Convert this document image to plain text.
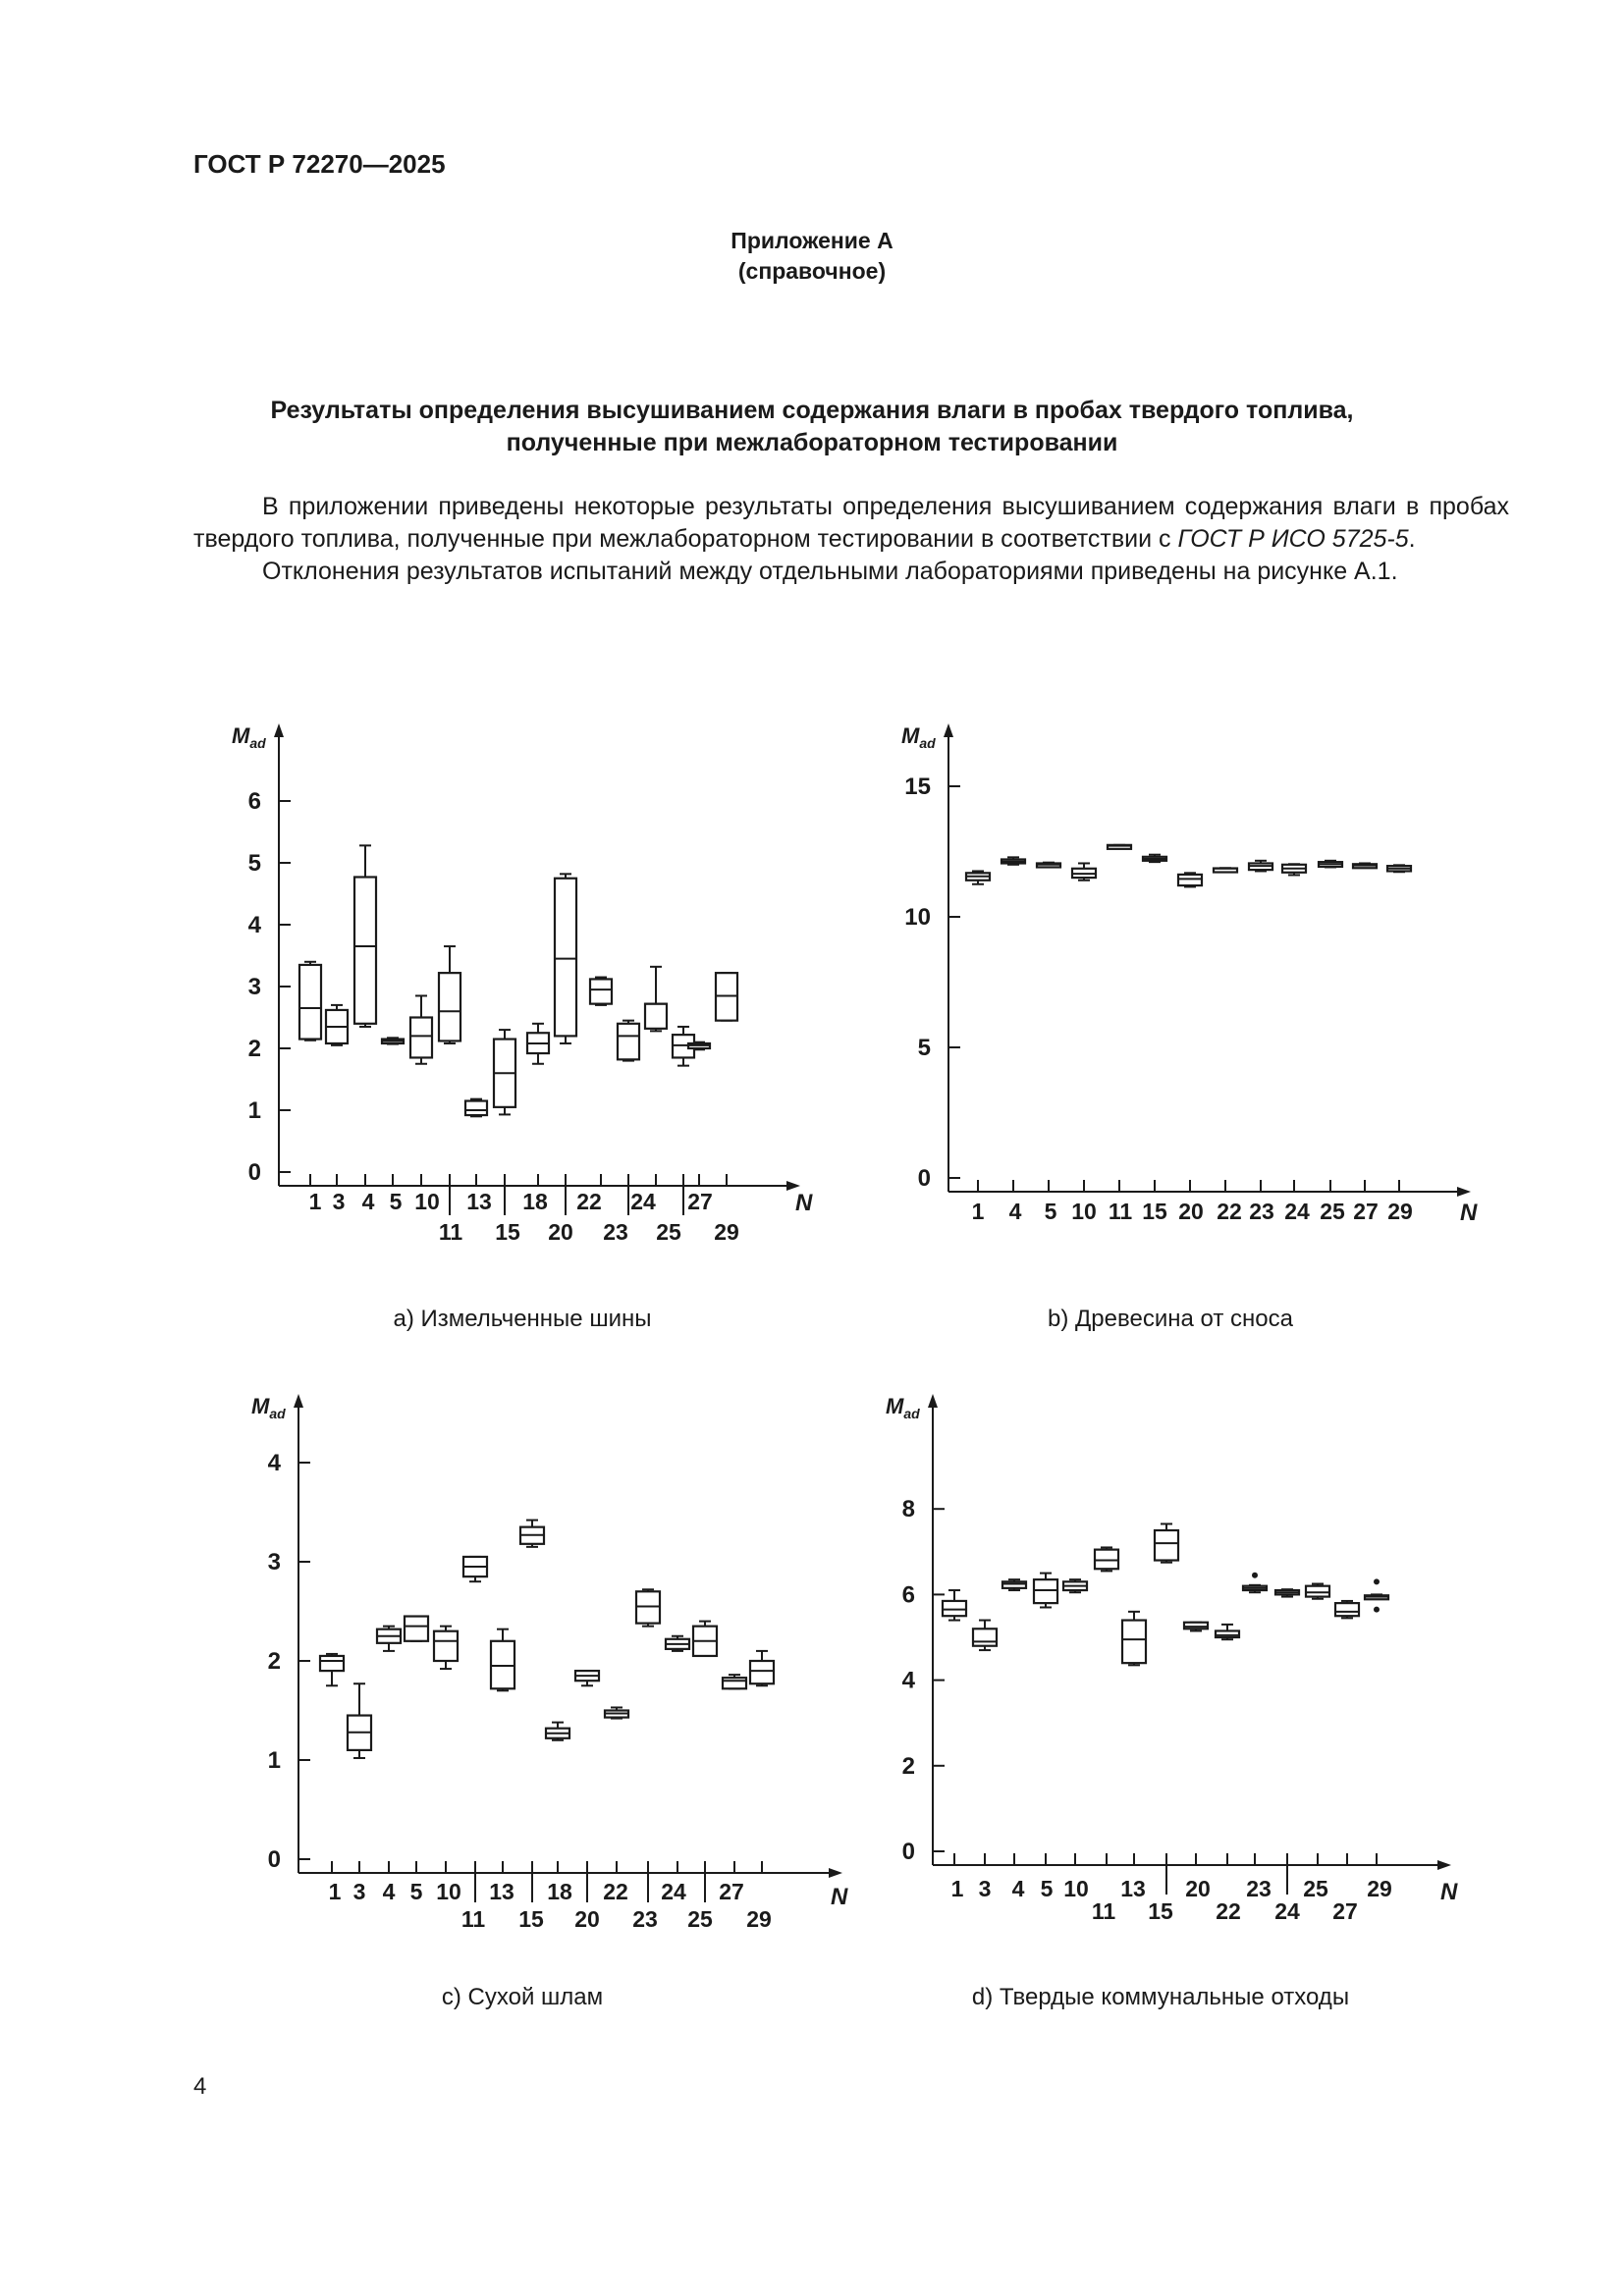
ГОСТ Р 72270—2025
Приложение А
(справочное)
Результаты определения высушиванием содержания влаги в пробах твердого топлива,
полученные при межлабораторном тестировании

В приложении приведены некоторые результаты определения высушиванием содержания влаги в пробах твердого топлива, полученные при межлабораторном тестировании в соответствии с ГОСТ Р ИСО 5725-5.

Отклонения результатов испытаний между отдельными лабораториями приведены на рисунке А.1.

$M_{ad}$
N
0
1
2
3
4
5
6
1 3 4 5 10 13 18 22 24 27
11 15 20 23 25 29
$M_{ad}$
N
0
5
10
15
1 4 5 10 11 15 20 22 23 24 25 27 29
$M_{ad}$
N
0
1
2
3
4
1 3 4 5 10 13 18 22 24 27
11 15 20 23 25 29
$M_{ad}$
N
0
2
4
6
8
1 3 4 5 10 13 20 23 25 29
11 15 22 24 27
а) Измельченные шины	b) Древесина от сноса
с) Сухой шлам	d) Твердые коммунальные отходы
4
